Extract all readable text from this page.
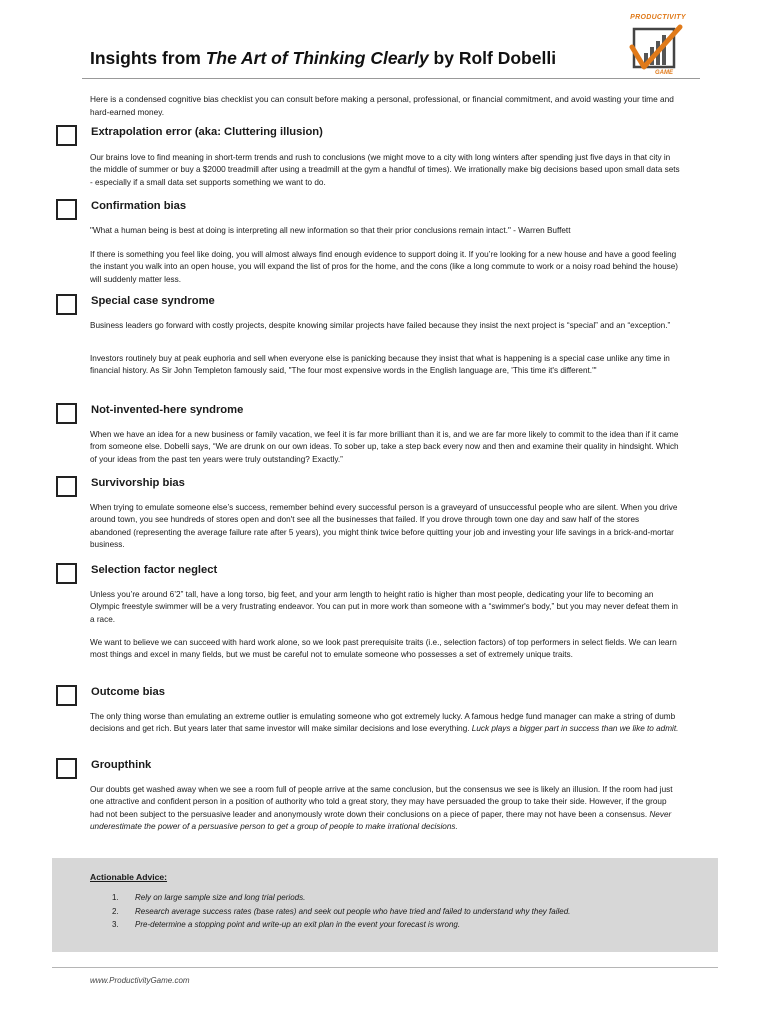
PRODUCTIVITY
GAME
Insights from The Art of Thinking Clearly by Rolf Dobelli
Here is a condensed cognitive bias checklist you can consult before making a personal, professional, or financial commitment, and avoid wasting your time and hard-earned money.
Extrapolation error (aka: Cluttering illusion)
Our brains love to find meaning in short-term trends and rush to conclusions (we might move to a city with long winters after spending just five days in that city in the middle of summer or buy a $2000 treadmill after using a treadmill at the gym a handful of times). We irrationally make big decisions based upon small data sets - especially if a small data set supports something we want to do.
Confirmation bias
"What a human being is best at doing is interpreting all new information so that their prior conclusions remain intact." - Warren Buffett
If there is something you feel like doing, you will almost always find enough evidence to support doing it. If you’re looking for a new house and have a good feeling the instant you walk into an open house, you will expand the list of pros for the home, and the cons (like a long commute to work or a noisy road behind the house) will suddenly matter less.
Special case syndrome
Business leaders go forward with costly projects, despite knowing similar projects have failed because they insist the next project is “special” and an “exception.”
Investors routinely buy at peak euphoria and sell when everyone else is panicking because they insist that what is happening is a special case unlike any time in financial history. As Sir John Templeton famously said, "The four most expensive words in the English language are, 'This time it's different.'"
Not-invented-here syndrome
When we have an idea for a new business or family vacation, we feel it is far more brilliant than it is, and we are far more likely to commit to the idea than if it came from someone else. Dobelli says, “We are drunk on our own ideas. To sober up, take a step back every now and then and examine their quality in hindsight. Which of your ideas from the past ten years were truly outstanding? Exactly.”
Survivorship bias
When trying to emulate someone else’s success, remember behind every successful person is a graveyard of unsuccessful people who are silent. When you drive around town, you see hundreds of stores open and don't see all the businesses that failed. If you drove through town one day and saw half of the stores abandoned (representing the average failure rate after 5 years), you might think twice before quitting your job and investing your life savings in a brick-and-mortar business.
Selection factor neglect
Unless you’re around 6’2” tall, have a long torso, big feet, and your arm length to height ratio is higher than most people, dedicating your life to becoming an Olympic freestyle swimmer will be a very frustrating endeavor. You can put in more work than someone with a “swimmer's body,” but you may never defeat them in a race.
We want to believe we can succeed with hard work alone, so we look past prerequisite traits (i.e., selection factors) of top performers in select fields. We can learn most things and excel in many fields, but we must be careful not to emulate someone who possesses a set of extremely unique traits.
Outcome bias
The only thing worse than emulating an extreme outlier is emulating someone who got extremely lucky. A famous hedge fund manager can make a string of dumb decisions and get rich. But years later that same investor will make similar decisions and lose everything. Luck plays a bigger part in success than we like to admit.
Groupthink
Our doubts get washed away when we see a room full of people arrive at the same conclusion, but the consensus we see is likely an illusion. If the room had just one attractive and confident person in a position of authority who told a great story, they may have persuaded the group to take their side. However, if the group had not been subject to the persuasive leader and anonymously wrote down their conclusions on a piece of paper, there may not have been a consensus. Never underestimate the power of a persuasive person to get a group of people to make irrational decisions.
Actionable Advice:
1. Rely on large sample size and long trial periods.
2. Research average success rates (base rates) and seek out people who have tried and failed to understand why they failed.
3. Pre-determine a stopping point and write-up an exit plan in the event your forecast is wrong.
www.ProductivityGame.com
